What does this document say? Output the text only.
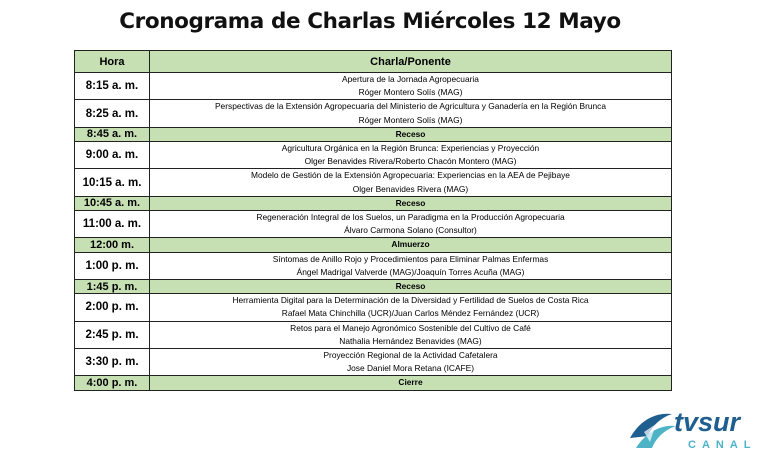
Cronograma de Charlas Miércoles 12 Mayo
Hora	Charla/Ponente
8:15 a. m.	Apertura de la Jornada Agropecuaria
Róger Montero Solís (MAG)

8:25 a. m.	Perspectivas de la Extensión Agropecuaria del Ministerio de Agricultura y Ganadería en la Región Brunca
Róger Montero Solís (MAG)

8:45 a. m.	Receso
9:00 a. m.	Agricultura Orgánica en la Región Brunca: Experiencias y Proyección
Olger Benavides Rivera/Roberto Chacón Montero (MAG)

10:15 a. m.	Modelo de Gestión de la Extensión Agropecuaria: Experiencias en la AEA de Pejibaye
Olger Benavides Rivera (MAG)

10:45 a. m.	Receso
11:00 a. m.	Regeneración Integral de los Suelos, un Paradigma en la Producción Agropecuaria
Álvaro Carmona Solano (Consultor)

12:00 m.	Almuerzo
1:00 p. m.	Síntomas de Anillo Rojo y Procedimientos para Eliminar Palmas Enfermas
Ángel Madrigal Valverde (MAG)/Joaquín Torres Acuña (MAG)

1:45 p. m.	Receso
2:00 p. m.	Herramienta Digital para la Determinación de la Diversidad y Fertilidad de Suelos de Costa Rica
Rafael Mata Chinchilla (UCR)/Juan Carlos Méndez Fernández (UCR)

2:45 p. m.	Retos para el Manejo Agronómico Sostenible del Cultivo de Café
Nathalia Hernández Benavides (MAG)

3:30 p. m.	Proyección Regional de la Actividad Cafetalera
Jose Daniel Mora Retana (ICAFE)

4:00 p. m.	Cierre
tvsur
CANAL
